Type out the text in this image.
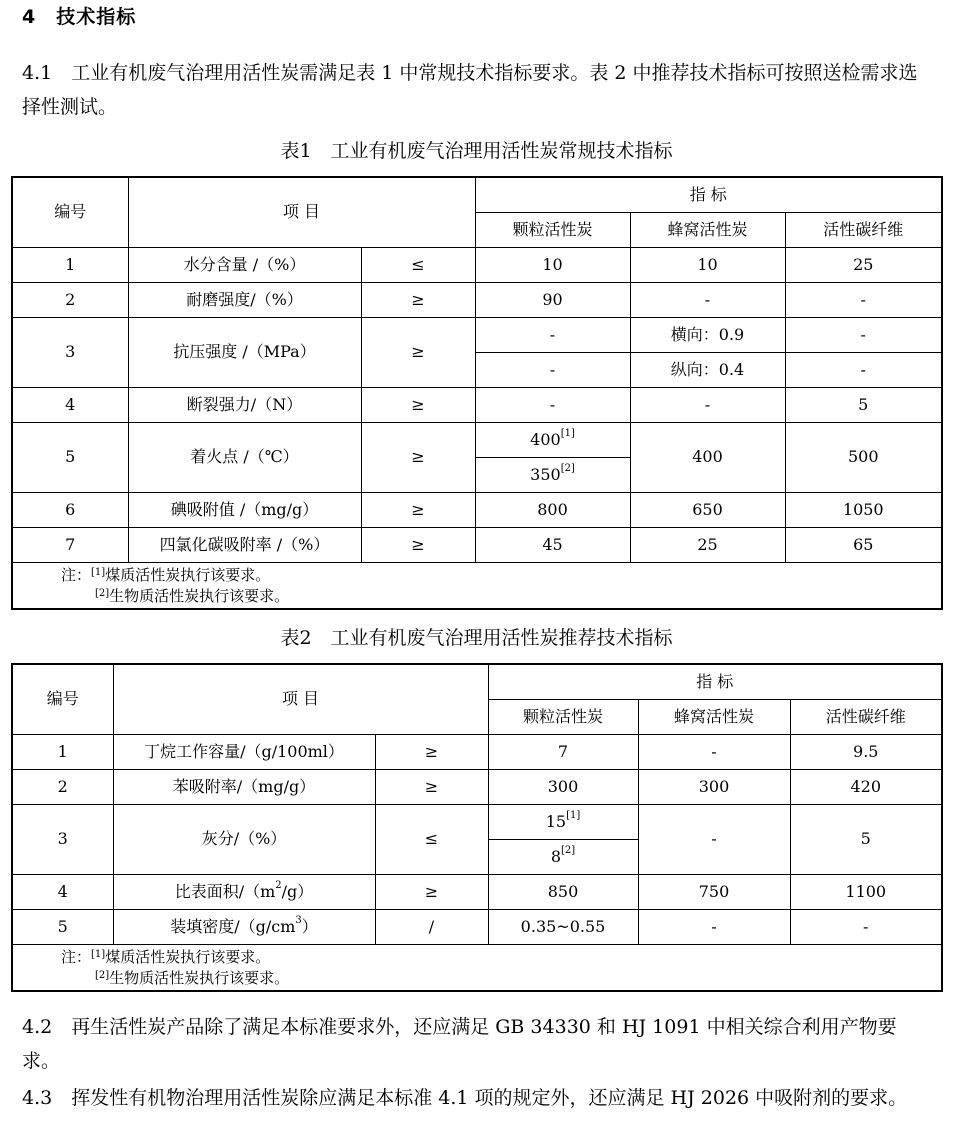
4　技术指标
4.1　工业有机废气治理用活性炭需满足表 1 中常规技术指标要求。表 2 中推荐技术指标可按照送检需求选择性测试。
表1　工业有机废气治理用活性炭常规技术指标
编号	项 目		指 标		
			颗粒活性炭	蜂窝活性炭	活性碳纤维
1	水分含量 /（%）	≤	10	10	25
2	耐磨强度/（%）	≥	90	-	-
3	抗压强度 /（MPa）	≥	-	横向：0.9	-
			-	纵向：0.4	-
4	断裂强力/（N）	≥	-	-	5
5	着火点 /（℃）	≥	400[1]	400	500
			350[2]
6	碘吸附值 /（mg/g）	≥	800	650	1050
7	四氯化碳吸附率 /（%）	≥	45	25	65

注：[1]煤质活性炭执行该要求。
[2]生物质活性炭执行该要求。					
表2　工业有机废气治理用活性炭推荐技术指标
编号	项 目		指 标		
			颗粒活性炭	蜂窝活性炭	活性碳纤维
1	丁烷工作容量/（g/100ml）	≥	7	-	9.5
2	苯吸附率/（mg/g）	≥	300	300	420
3	灰分/（%）	≤	15[1]	-	5
			8[2]
4	比表面积$/(m^2/g)$	≥	850	750	1100
5	装填密度$/(g/cm^3)$	/	0.35~0.55	-	-

注：[1]煤质活性炭执行该要求。
[2]生物质活性炭执行该要求。					
4.2　再生活性炭产品除了满足本标准要求外，还应满足 GB 34330 和 HJ 1091 中相关综合利用产物要求。
4.3　挥发性有机物治理用活性炭除应满足本标准 4.1 项的规定外，还应满足 HJ 2026 中吸附剂的要求。
